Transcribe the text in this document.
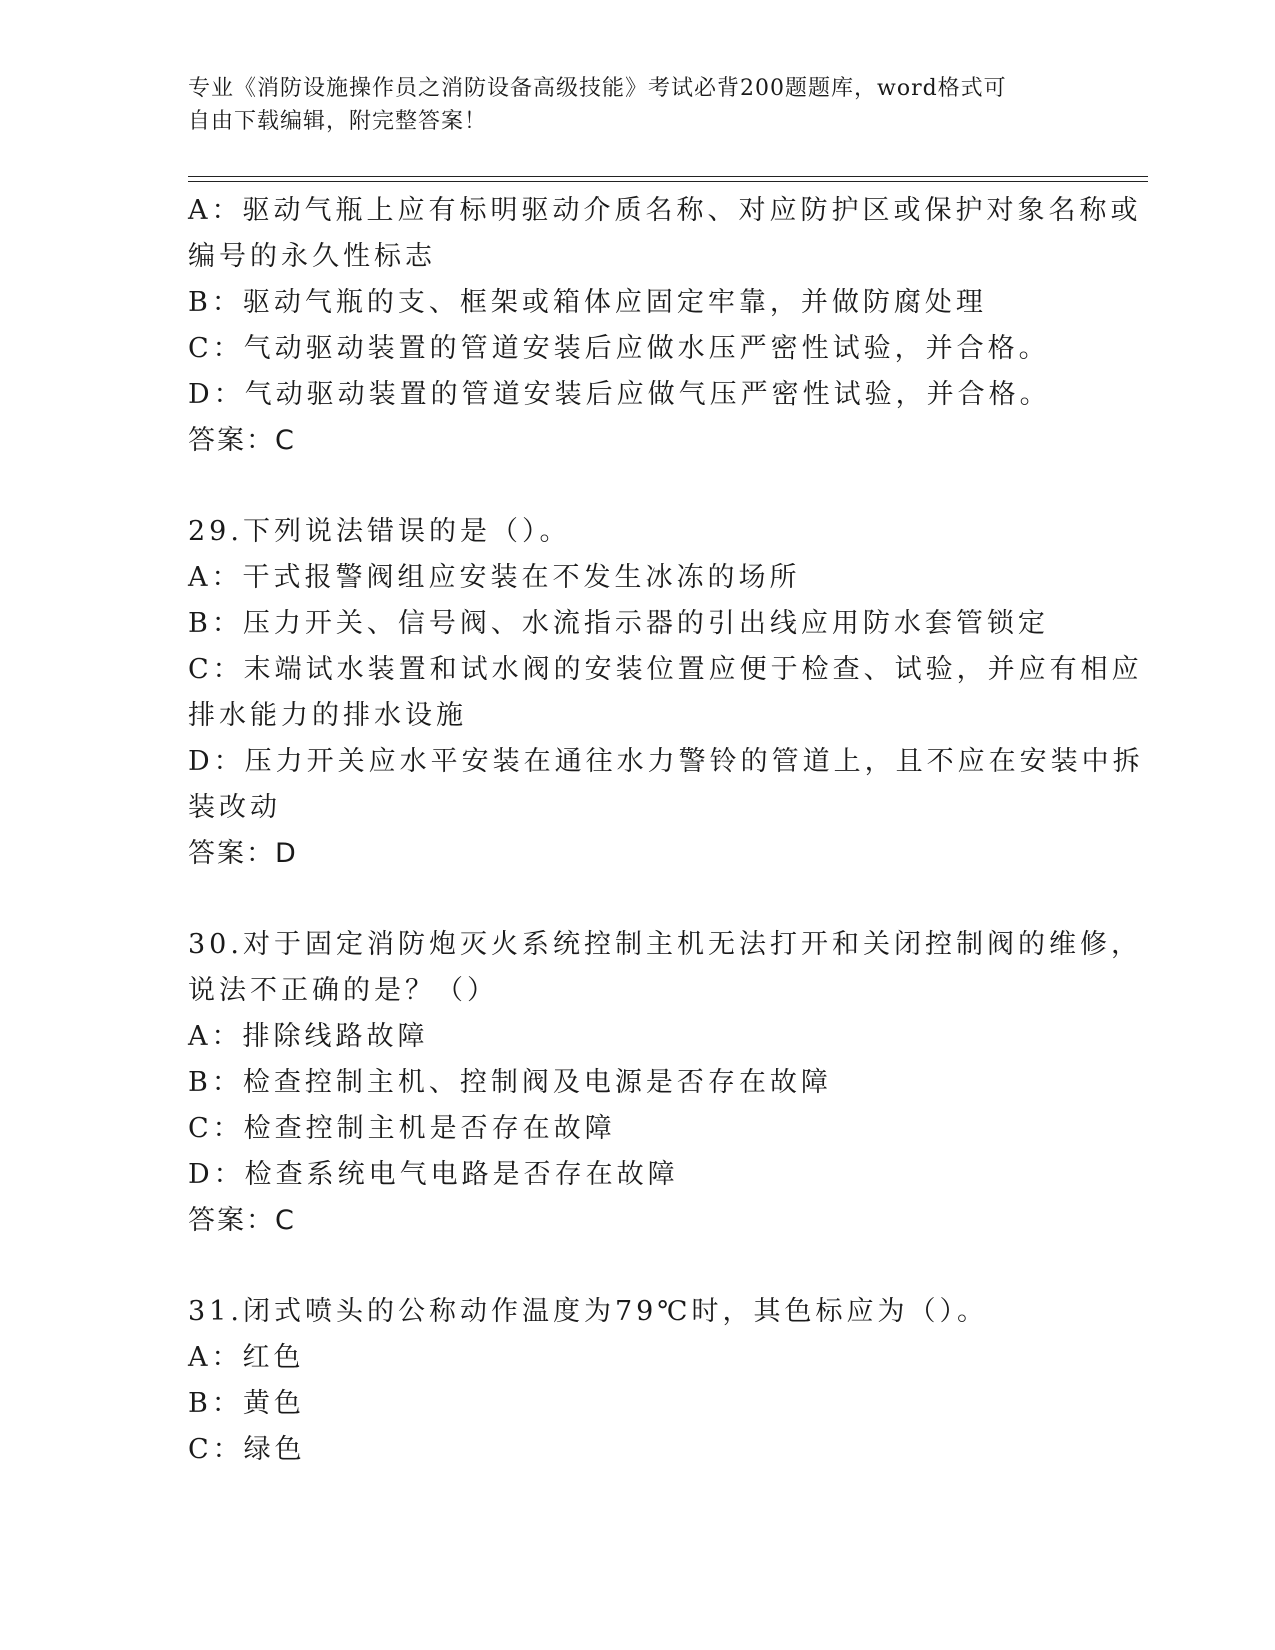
专业《消防设施操作员之消防设备高级技能》考试必背200题题库，word格式可
自由下载编辑，附完整答案！
A：驱动气瓶上应有标明驱动介质名称、对应防护区或保护对象名称或
编号的永久性标志
B：驱动气瓶的支、框架或箱体应固定牢靠，并做防腐处理
C：气动驱动装置的管道安装后应做水压严密性试验，并合格。
D：气动驱动装置的管道安装后应做气压严密性试验，并合格。
答案：C
29.下列说法错误的是（）。
A：干式报警阀组应安装在不发生冰冻的场所
B：压力开关、信号阀、水流指示器的引出线应用防水套管锁定
C：末端试水装置和试水阀的安装位置应便于检查、试验，并应有相应
排水能力的排水设施
D：压力开关应水平安装在通往水力警铃的管道上，且不应在安装中拆
装改动
答案：D
30.对于固定消防炮灭火系统控制主机无法打开和关闭控制阀的维修，
说法不正确的是？（）
A：排除线路故障
B：检查控制主机、控制阀及电源是否存在故障
C：检查控制主机是否存在故障
D：检查系统电气电路是否存在故障
答案：C
31.闭式喷头的公称动作温度为79℃时，其色标应为（）。
A：红色
B：黄色
C：绿色
